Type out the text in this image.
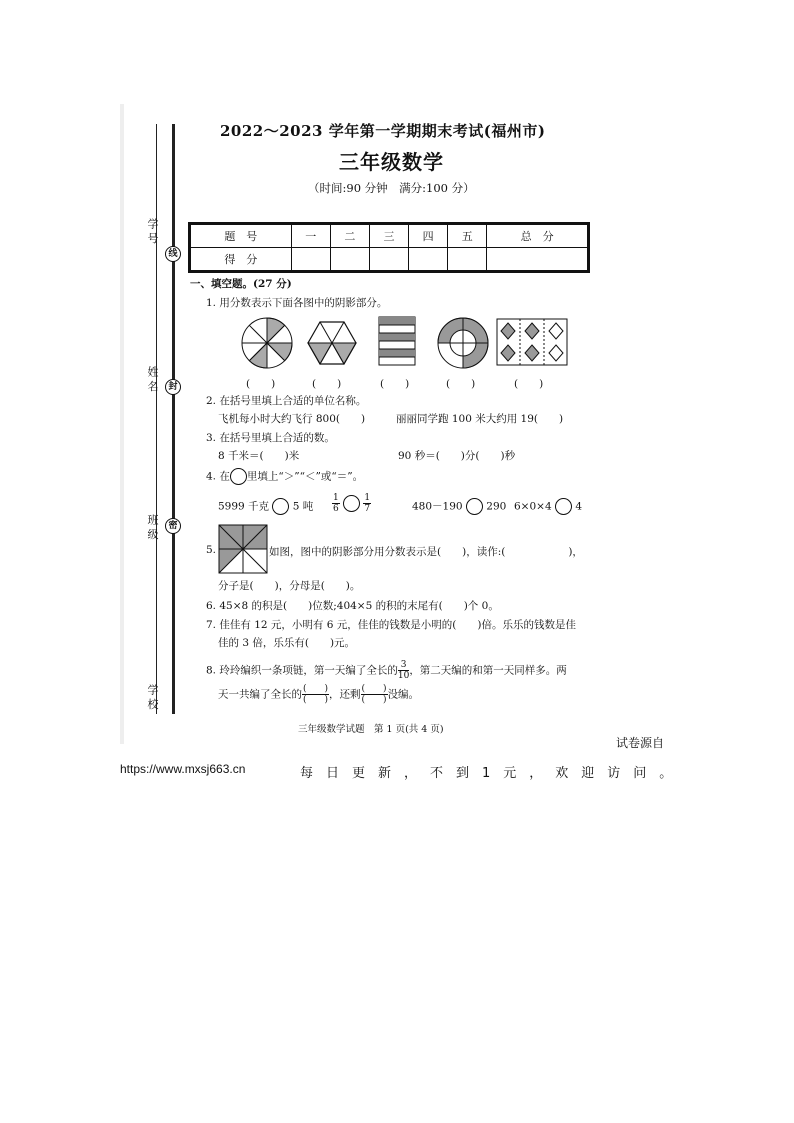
学 号
姓 名
班 级
学 校
线
封
密
2022～2023 学年第一学期期末考试(福州市)
三年级数学
（时间:90 分钟　满分:100 分）
题　号	一	二	三	四	五	总　分
得　分						
一、填空题。(27 分)
1. 用分数表示下面各图中的阴影部分。
(　　)	(　　)	(　　)	(　　)	(　　)
2. 在括号里填上合适的单位名称。
飞机每小时大约飞行 800(　　)	丽丽同学跑 100 米大约用 19(　　)
3. 在括号里填上合适的数。
8 千米＝(　　)米	90 秒＝(　　)分(　　)秒
4. 在 里填上“＞”“＜”或“＝”。
5999 千克 5 吨 $\frac{1}{6}$
	$\frac{1}{7}$	480－190 290 6×0×4 4
5.	如图，图中的阴影部分用分数表示是(　　)，读作:(　　　　　　)，
分子是(　　)，分母是(　　)。
6. 45×8 的积是(　　)位数;404×5 的积的末尾有(　　)个 0。
7. 佳佳有 12 元，小明有 6 元，佳佳的钱数是小明的(　　)倍。乐乐的钱数是佳
佳的 3 倍，乐乐有(　　)元。
8. 玲玲编织一条项链，第一天编了全长的 $\frac{3}{10}$ ，第二天编的和第一天同样多。两
天一共编了全长的 $\frac{( )}{( )}$ ，还剩 $\frac{( )}{( )}$ 没编。
三年级数学试题　第 1 页(共 4 页)
试卷源自
https://www.mxsj663.cn	每日更新，不到1元，欢迎访问。
